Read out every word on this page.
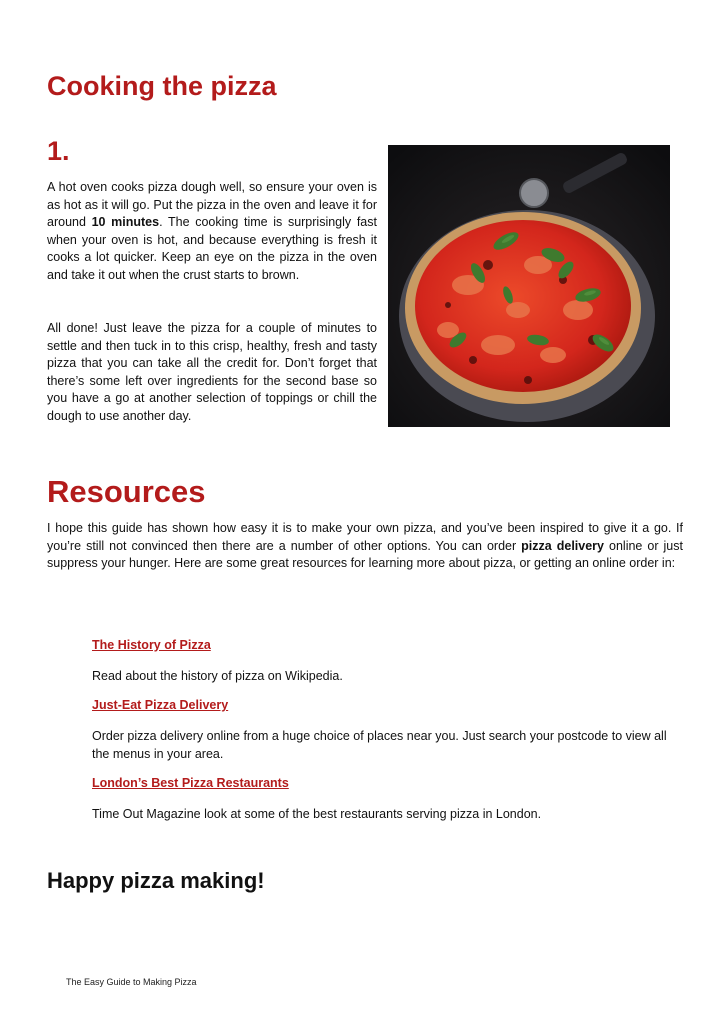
Cooking the pizza
1.

A hot oven cooks pizza dough well, so ensure your oven is as hot as it will go. Put the pizza in the oven and leave it for around 10 minutes. The cooking time is surprisingly fast when your oven is hot, and because everything is fresh it cooks a lot quicker. Keep an eye on the pizza in the oven and take it out when the crust starts to brown.

All done! Just leave the pizza for a couple of minutes to settle and then tuck in to this crisp, healthy, fresh and tasty pizza that you can take all the credit for. Don’t forget that there’s some left over ingredients for the second base so you have a go at another selection of toppings or chill the dough to use another day.

Resources

I hope this guide has shown how easy it is to make your own pizza, and you’ve been inspired to give it a go. If you’re still not convinced then there are a number of other options. You can order pizza delivery online or just suppress your hunger. Here are some great resources for learning more about pizza, or getting an online order in:

The History of Pizza

Read about the history of pizza on Wikipedia.

Just-Eat Pizza Delivery

Order pizza delivery online from a huge choice of places near you. Just search your postcode to view all the menus in your area.

London’s Best Pizza Restaurants

Time Out Magazine look at some of the best restaurants serving pizza in London.

Happy pizza making!

The Easy Guide to Making Pizza
